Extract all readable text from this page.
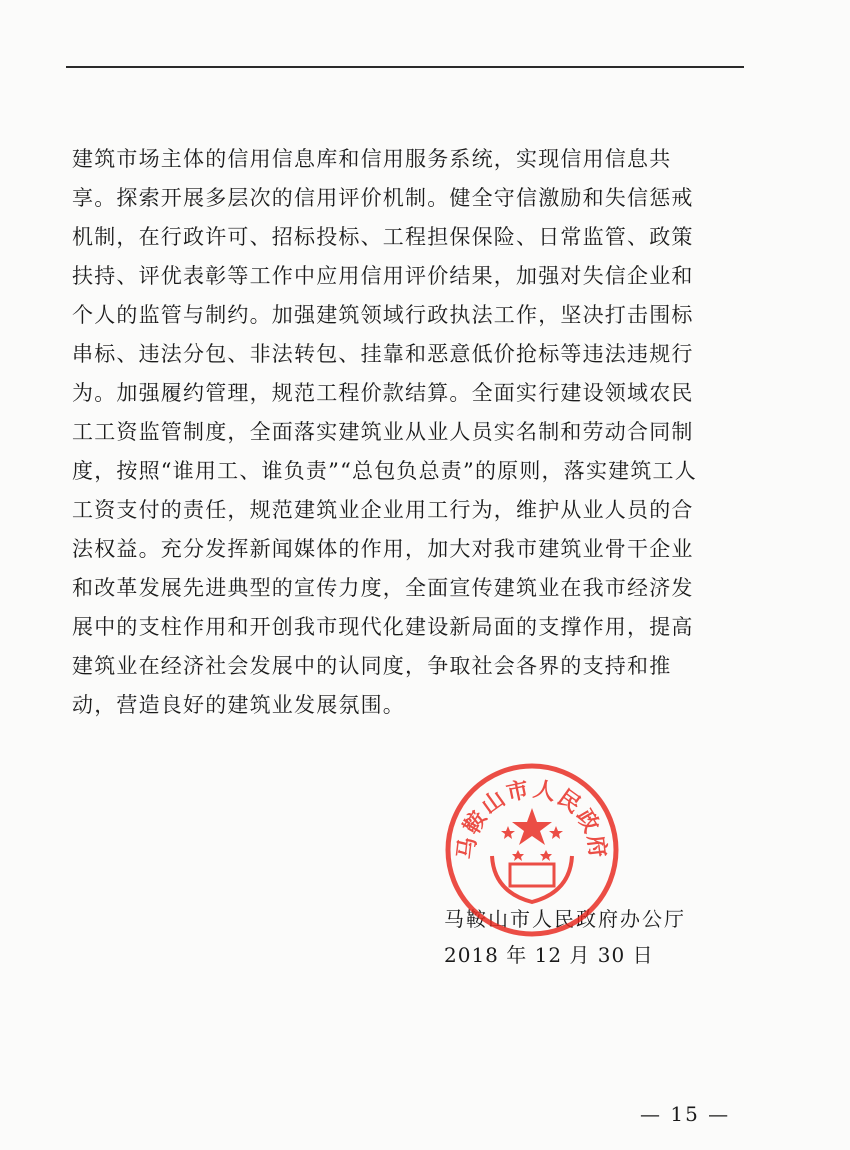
建筑市场主体的信用信息库和信用服务系统，实现信用信息共
享。探索开展多层次的信用评价机制。健全守信激励和失信惩戒
机制，在行政许可、招标投标、工程担保保险、日常监管、政策
扶持、评优表彰等工作中应用信用评价结果，加强对失信企业和
个人的监管与制约。加强建筑领域行政执法工作，坚决打击围标
串标、违法分包、非法转包、挂靠和恶意低价抢标等违法违规行
为。加强履约管理，规范工程价款结算。全面实行建设领域农民
工工资监管制度，全面落实建筑业从业人员实名制和劳动合同制
度，按照“谁用工、谁负责”“总包负总责”的原则，落实建筑工人
工资支付的责任，规范建筑业企业用工行为，维护从业人员的合
法权益。充分发挥新闻媒体的作用，加大对我市建筑业骨干企业
和改革发展先进典型的宣传力度，全面宣传建筑业在我市经济发
展中的支柱作用和开创我市现代化建设新局面的支撑作用，提高
建筑业在经济社会发展中的认同度，争取社会各界的支持和推
动，营造良好的建筑业发展氛围。
马鞍山市人民政府办公厅
2018 年 12 月 30 日
马鞍山市人民政府
— 15 —
